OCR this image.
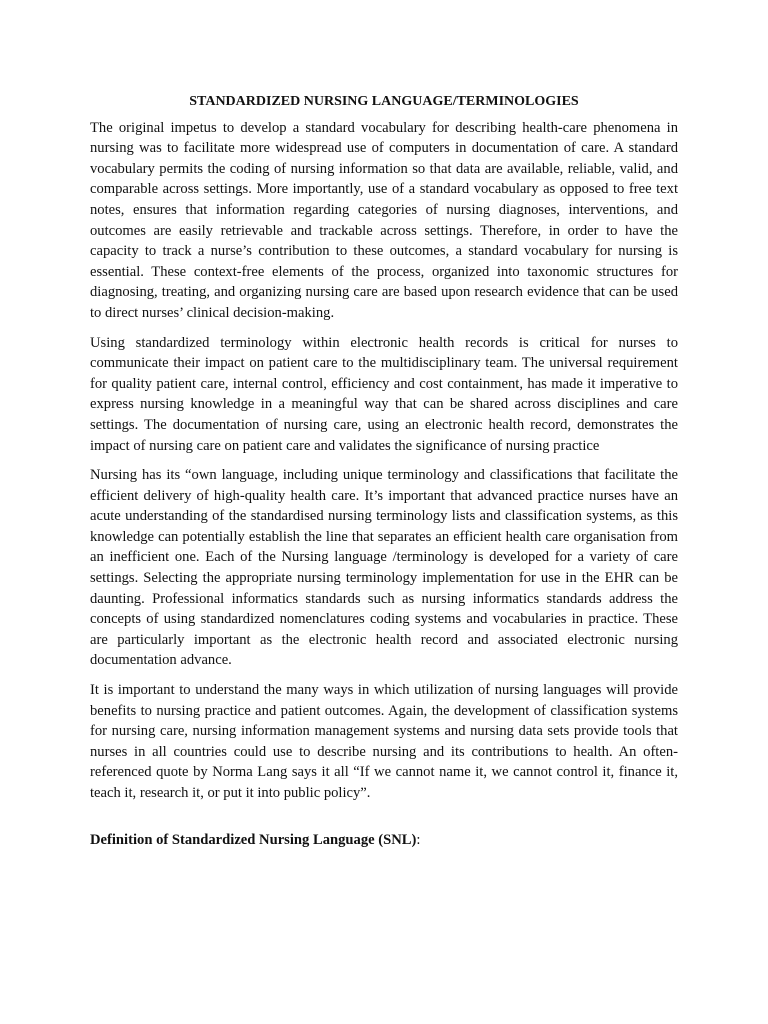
STANDARDIZED NURSING LANGUAGE/TERMINOLOGIES

The original impetus to develop a standard vocabulary for describing health-care phenomena in nursing was to facilitate more widespread use of computers in documentation of care. A standard vocabulary permits the coding of nursing information so that data are available, reliable, valid, and comparable across settings. More importantly, use of a standard vocabulary as opposed to free text notes, ensures that information regarding categories of nursing diagnoses, interventions, and outcomes are easily retrievable and trackable across settings. Therefore, in order to have the capacity to track a nurse’s contribution to these outcomes, a standard vocabulary for nursing is essential. These context-free elements of the process, organized into taxonomic structures for diagnosing, treating, and organizing nursing care are based upon research evidence that can be used to direct nurses’ clinical decision-making.

Using standardized terminology within electronic health records is critical for nurses to communicate their impact on patient care to the multidisciplinary team. The universal requirement for quality patient care, internal control, efficiency and cost containment, has made it imperative to express nursing knowledge in a meaningful way that can be shared across disciplines and care settings. The documentation of nursing care, using an electronic health record, demonstrates the impact of nursing care on patient care and validates the significance of nursing practice

Nursing has its “own language, including unique terminology and classifications that facilitate the efficient delivery of high-quality health care. It’s important that advanced practice nurses have an acute understanding of the standardised nursing terminology lists and classification systems, as this knowledge can potentially establish the line that separates an efficient health care organisation from an inefficient one. Each of the Nursing language /terminology is developed for a variety of care settings. Selecting the appropriate nursing terminology implementation for use in the EHR can be daunting. Professional informatics standards such as nursing informatics standards address the concepts of using standardized nomenclatures coding systems and vocabularies in practice. These are particularly important as the electronic health record and associated electronic nursing documentation advance.

It is important to understand the many ways in which utilization of nursing languages will provide benefits to nursing practice and patient outcomes. Again, the development of classification systems for nursing care, nursing information management systems and nursing data sets provide tools that nurses in all countries could use to describe nursing and its contributions to health. An often-referenced quote by Norma Lang says it all “If we cannot name it, we cannot control it, finance it, teach it, research it, or put it into public policy”.

Definition of Standardized Nursing Language (SNL):
